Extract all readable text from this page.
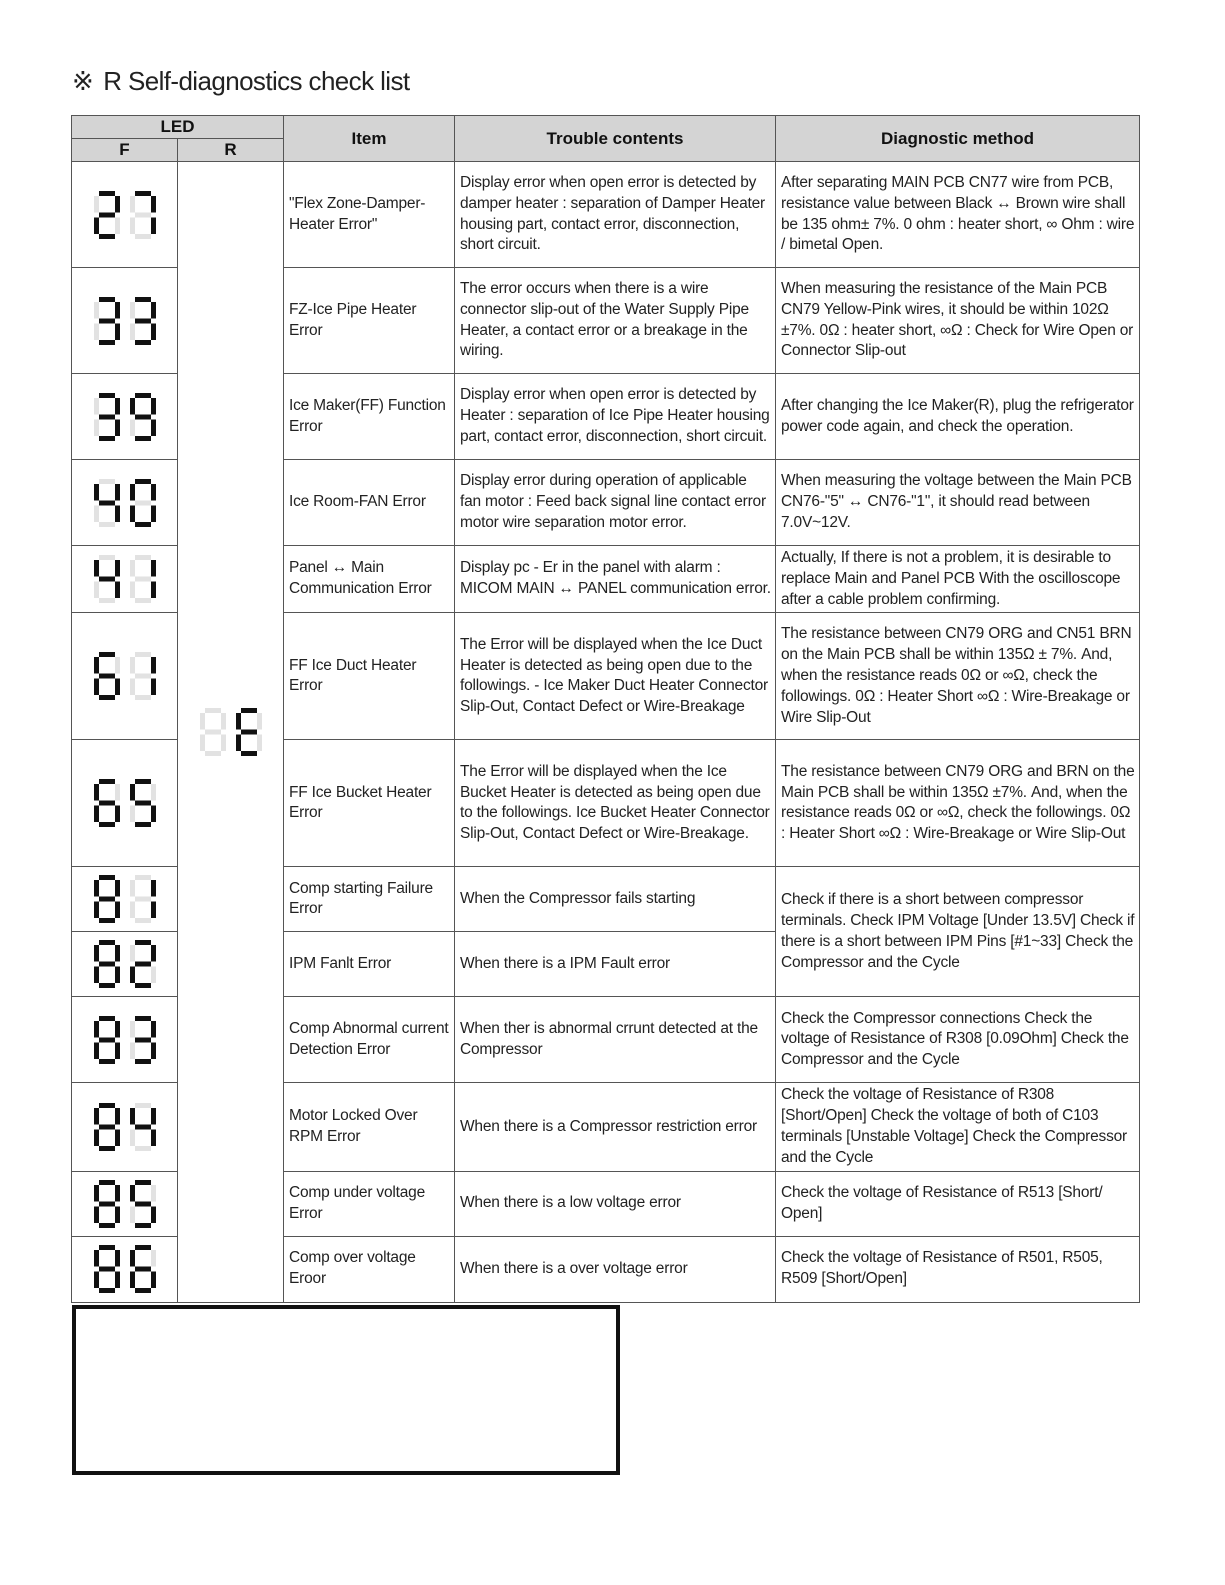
※ R Self-diagnostics check list
LED		Item	Trouble contents	Diagnostic method
F	R			
		"Flex Zone-Damper-Heater Error"	Display error when open error is detected by damper heater : separation of Damper Heater housing part, contact error, disconnection, short circuit.	After separating MAIN PCB CN77 wire from PCB, resistance value between Black ↔ Brown wire shall be 135 ohm± 7%. 0 ohm : heater short, ∞ Ohm : wire / bimetal Open.
	FZ-Ice Pipe Heater Error	The error occurs when there is a wire connector slip-out of the Water Supply Pipe Heater, a contact error or a breakage in the wiring.	When measuring the resistance of the Main PCB CN79 Yellow-Pink wires, it should be within 102Ω ±7%. 0Ω : heater short, ∞Ω : Check for Wire Open or Connector Slip-out
	Ice Maker(FF) Function Error	Display error when open error is detected by Heater : separation of Ice Pipe Heater housing part, contact error, disconnection, short circuit.	After changing the Ice Maker(R), plug the refrigerator power code again, and check the operation.
	Ice Room-FAN Error	Display error during operation of applicable fan motor : Feed back signal line contact error motor wire separation motor error.	When measuring the voltage between the Main PCB CN76-"5" ↔ CN76-"1", it should read between 7.0V~12V.
	Panel ↔ Main Communication Error	Display pc - Er in the panel with alarm : MICOM MAIN ↔ PANEL communication error.	Actually, If there is not a problem, it is desirable to replace Main and Panel PCB With the oscilloscope after a cable problem confirming.
	FF Ice Duct Heater Error	The Error will be displayed when the Ice Duct Heater is detected as being open due to the followings. - Ice Maker Duct Heater Connector Slip-Out, Contact Defect or Wire-Breakage	The resistance between CN79 ORG and CN51 BRN on the Main PCB shall be within 135Ω ± 7%. And, when the resistance reads 0Ω or ∞Ω, check the followings. 0Ω : Heater Short ∞Ω : Wire-Breakage or Wire Slip-Out
	FF Ice Bucket Heater Error	The Error will be displayed when the Ice Bucket Heater is detected as being open due to the followings. Ice Bucket Heater Connector Slip-Out, Contact Defect or Wire-Breakage.	The resistance between CN79 ORG and BRN on the Main PCB shall be within 135Ω ±7%. And, when the resistance reads 0Ω or ∞Ω, check the followings. 0Ω : Heater Short ∞Ω : Wire-Breakage or Wire Slip-Out
	Comp starting Failure Error	When the Compressor fails starting	Check if there is a short between compressor terminals. Check IPM Voltage [Under 13.5V] Check if there is a short between IPM Pins [#1~33] Check the Compressor and the Cycle
	IPM Fanlt Error	When there is a IPM Fault error	
	Comp Abnormal current Detection Error	When ther is abnormal crrunt detected at the Compressor	Check the Compressor connections Check the voltage of Resistance of R308 [0.09Ohm] Check the Compressor and the Cycle
	Motor Locked Over RPM Error	When there is a Compressor restriction error	Check the voltage of Resistance of R308 [Short/Open] Check the voltage of both of C103 terminals [Unstable Voltage] Check the Compressor and the Cycle
	Comp under voltage Error	When there is a low voltage error	Check the voltage of Resistance of R513 [Short/ Open]
	Comp over voltage Eroor	When there is a over voltage error	Check the voltage of Resistance of R501, R505, R509 [Short/Open]
